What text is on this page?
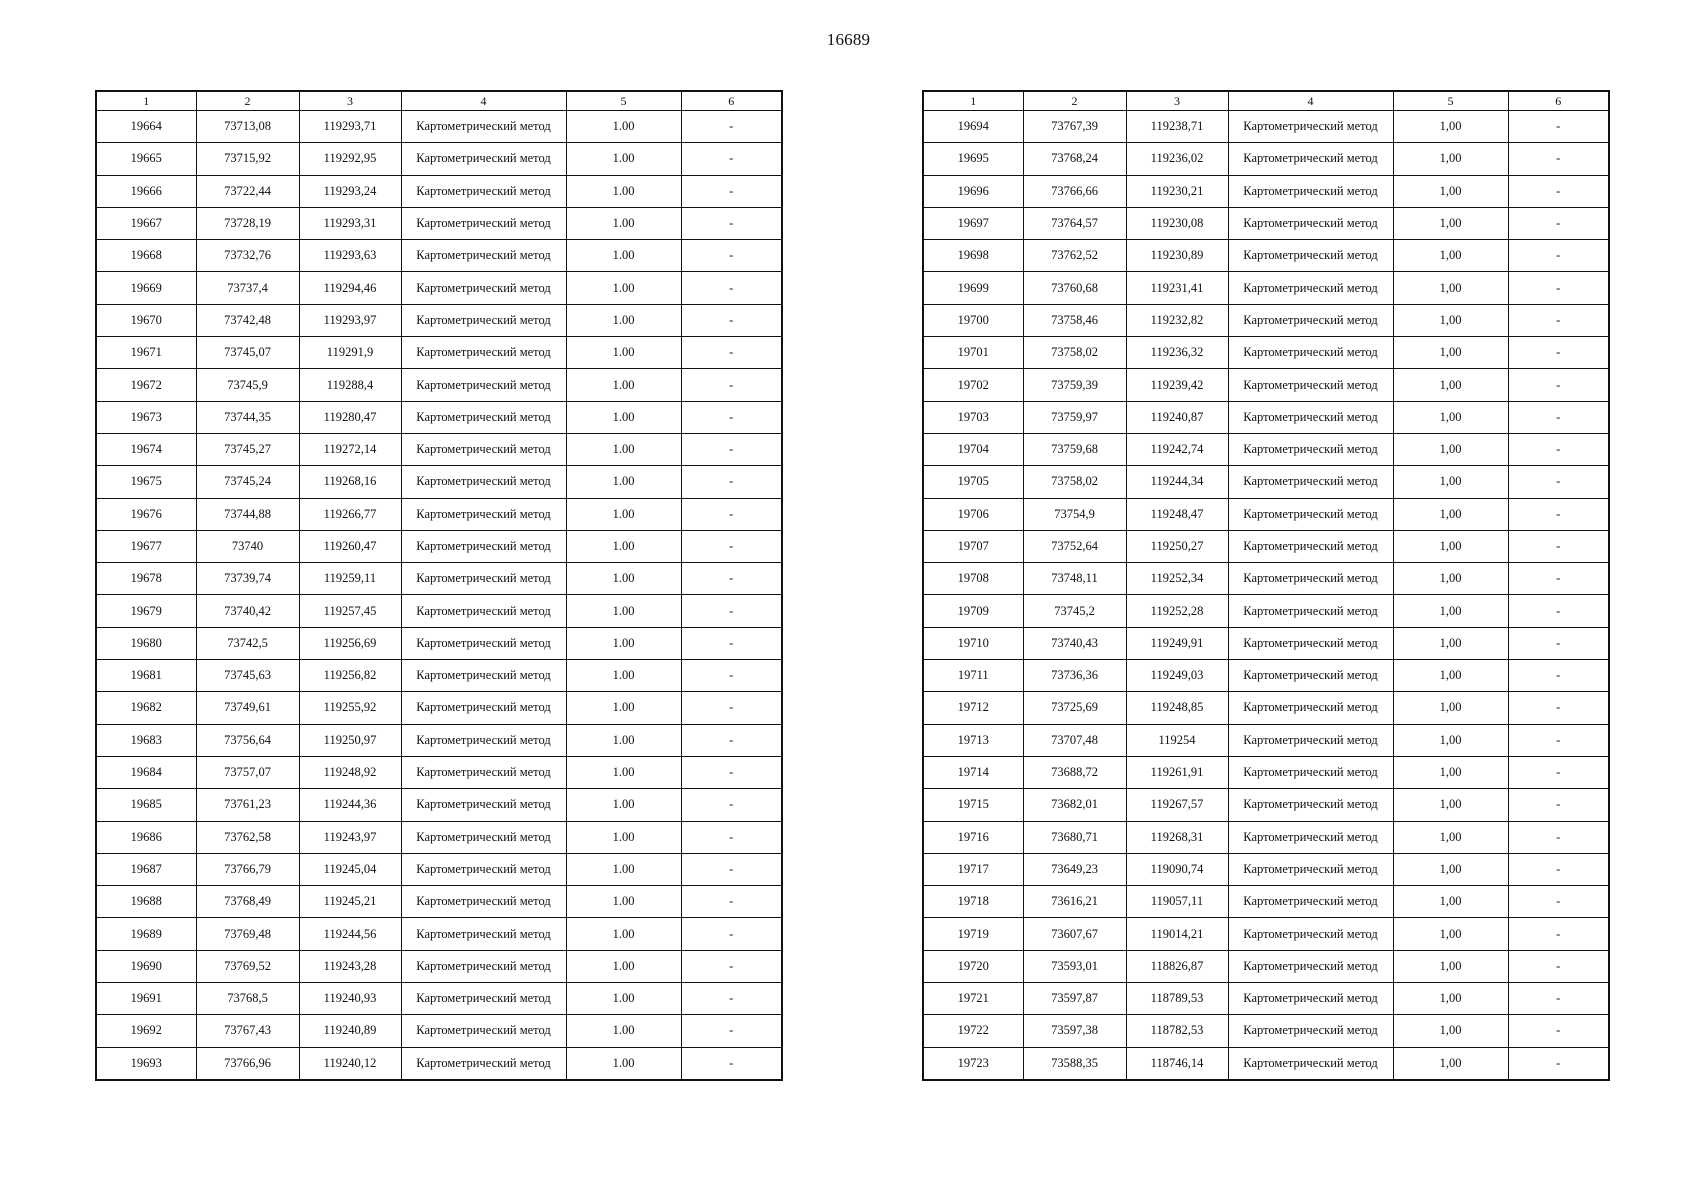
16689
1	2	3	4	5	6
19664	73713,08	119293,71	Картометрический метод	1.00	-
19665	73715,92	119292,95	Картометрический метод	1.00	-
19666	73722,44	119293,24	Картометрический метод	1.00	-
19667	73728,19	119293,31	Картометрический метод	1.00	-
19668	73732,76	119293,63	Картометрический метод	1.00	-
19669	73737,4	119294,46	Картометрический метод	1.00	-
19670	73742,48	119293,97	Картометрический метод	1.00	-
19671	73745,07	119291,9	Картометрический метод	1.00	-
19672	73745,9	119288,4	Картометрический метод	1.00	-
19673	73744,35	119280,47	Картометрический метод	1.00	-
19674	73745,27	119272,14	Картометрический метод	1.00	-
19675	73745,24	119268,16	Картометрический метод	1.00	-
19676	73744,88	119266,77	Картометрический метод	1.00	-
19677	73740	119260,47	Картометрический метод	1.00	-
19678	73739,74	119259,11	Картометрический метод	1.00	-
19679	73740,42	119257,45	Картометрический метод	1.00	-
19680	73742,5	119256,69	Картометрический метод	1.00	-
19681	73745,63	119256,82	Картометрический метод	1.00	-
19682	73749,61	119255,92	Картометрический метод	1.00	-
19683	73756,64	119250,97	Картометрический метод	1.00	-
19684	73757,07	119248,92	Картометрический метод	1.00	-
19685	73761,23	119244,36	Картометрический метод	1.00	-
19686	73762,58	119243,97	Картометрический метод	1.00	-
19687	73766,79	119245,04	Картометрический метод	1.00	-
19688	73768,49	119245,21	Картометрический метод	1.00	-
19689	73769,48	119244,56	Картометрический метод	1.00	-
19690	73769,52	119243,28	Картометрический метод	1.00	-
19691	73768,5	119240,93	Картометрический метод	1.00	-
19692	73767,43	119240,89	Картометрический метод	1.00	-
19693	73766,96	119240,12	Картометрический метод	1.00	-
1	2	3	4	5	6
19694	73767,39	119238,71	Картометрический метод	1,00	-
19695	73768,24	119236,02	Картометрический метод	1,00	-
19696	73766,66	119230,21	Картометрический метод	1,00	-
19697	73764,57	119230,08	Картометрический метод	1,00	-
19698	73762,52	119230,89	Картометрический метод	1,00	-
19699	73760,68	119231,41	Картометрический метод	1,00	-
19700	73758,46	119232,82	Картометрический метод	1,00	-
19701	73758,02	119236,32	Картометрический метод	1,00	-
19702	73759,39	119239,42	Картометрический метод	1,00	-
19703	73759,97	119240,87	Картометрический метод	1,00	-
19704	73759,68	119242,74	Картометрический метод	1,00	-
19705	73758,02	119244,34	Картометрический метод	1,00	-
19706	73754,9	119248,47	Картометрический метод	1,00	-
19707	73752,64	119250,27	Картометрический метод	1,00	-
19708	73748,11	119252,34	Картометрический метод	1,00	-
19709	73745,2	119252,28	Картометрический метод	1,00	-
19710	73740,43	119249,91	Картометрический метод	1,00	-
19711	73736,36	119249,03	Картометрический метод	1,00	-
19712	73725,69	119248,85	Картометрический метод	1,00	-
19713	73707,48	119254	Картометрический метод	1,00	-
19714	73688,72	119261,91	Картометрический метод	1,00	-
19715	73682,01	119267,57	Картометрический метод	1,00	-
19716	73680,71	119268,31	Картометрический метод	1,00	-
19717	73649,23	119090,74	Картометрический метод	1,00	-
19718	73616,21	119057,11	Картометрический метод	1,00	-
19719	73607,67	119014,21	Картометрический метод	1,00	-
19720	73593,01	118826,87	Картометрический метод	1,00	-
19721	73597,87	118789,53	Картометрический метод	1,00	-
19722	73597,38	118782,53	Картометрический метод	1,00	-
19723	73588,35	118746,14	Картометрический метод	1,00	-
